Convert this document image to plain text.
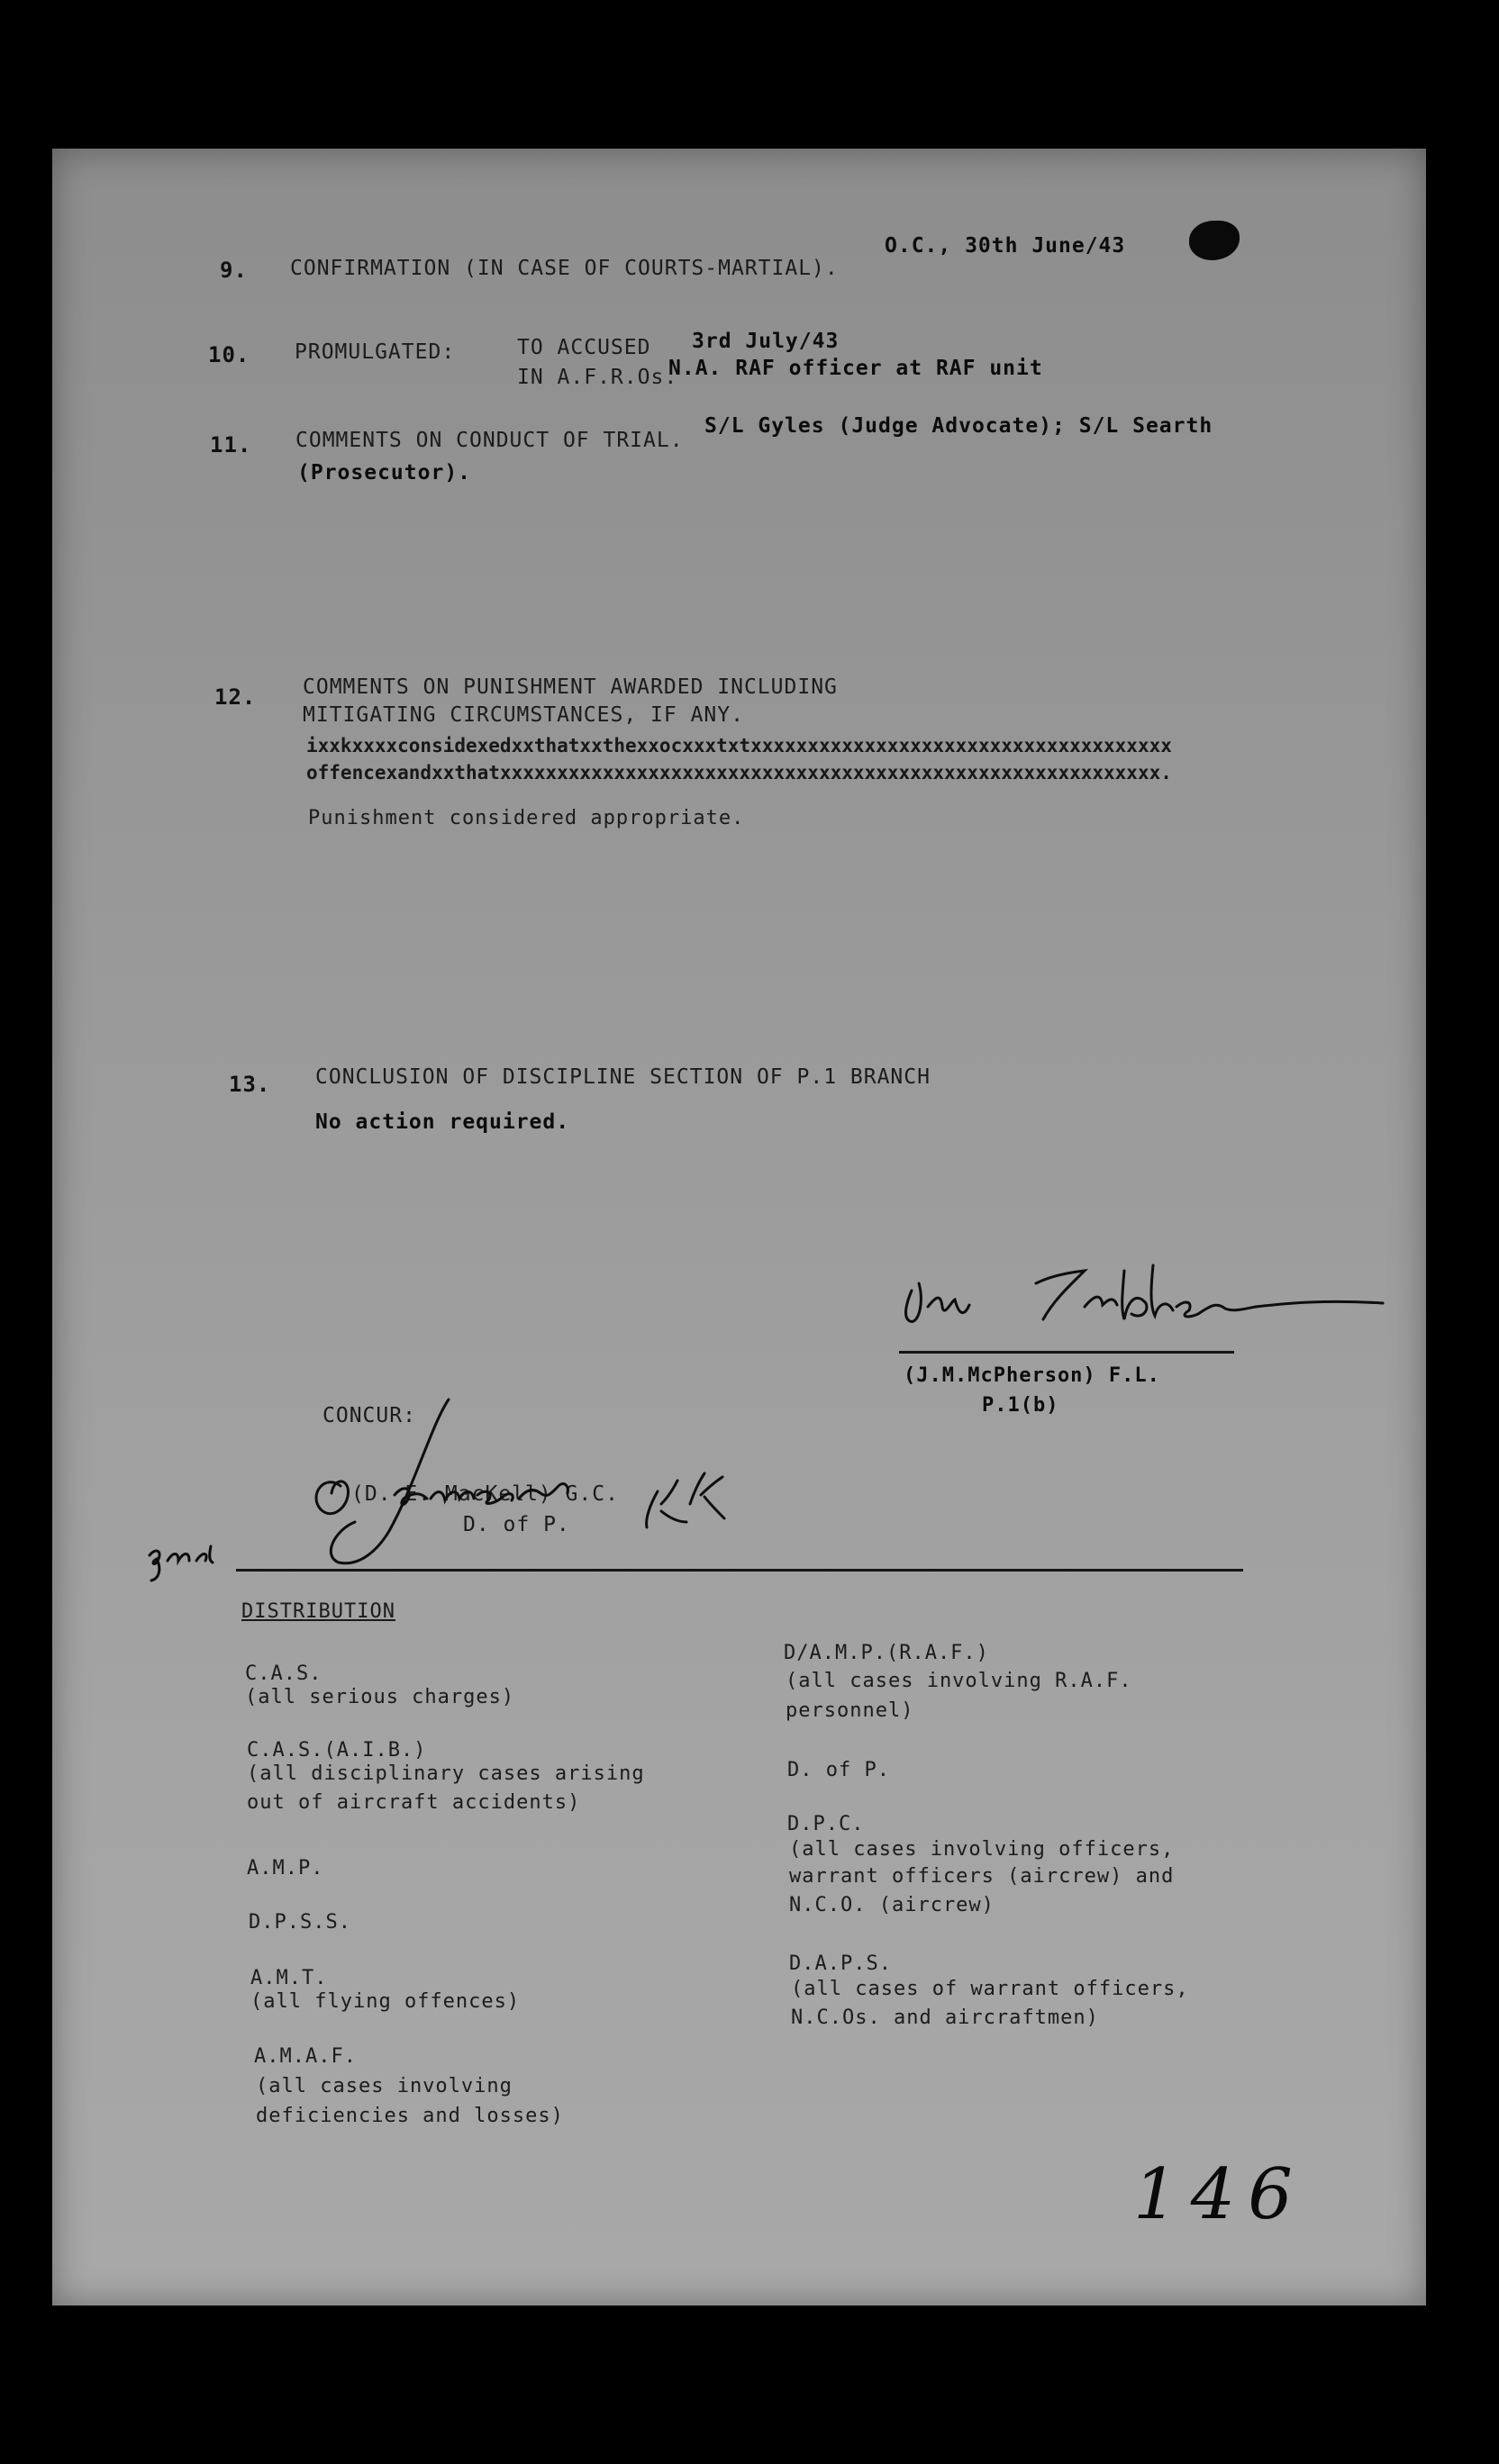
9. CONFIRMATION (IN CASE OF COURTS-MARTIAL).
O.C., 30th June/43
10. PROMULGATED:	TO ACCUSED 3rd July/43
IN A.F.R.Os.
N.A. RAF officer at RAF unit
11. COMMENTS ON CONDUCT OF TRIAL.
S/L Gyles (Judge Advocate); S/L Searth
(Prosecutor).
12. COMMENTS ON PUNISHMENT AWARDED INCLUDING
MITIGATING CIRCUMSTANCES, IF ANY.
ixxkxxxxconsidexedxxthatxxthexxocxxxtxtxxxxxxxxxxxxxxxxxxxxxxxxxxxxxxxxxxxxx
offencexandxxthatxxxxxxxxxxxxxxxxxxxxxxxxxxxxxxxxxxxxxxxxxxxxxxxxxxxxxxxxxx.
Punishment considered appropriate.
13. CONCLUSION OF DISCIPLINE SECTION OF P.1 BRANCH
No action required.
(J.M.McPherson) F.L.
P.1(b)
CONCUR:
(D. E. MacKell) G.C.
D. of P.
DISTRIBUTION
C.A.S.
(all serious charges)
C.A.S.(A.I.B.)
(all disciplinary cases arising
out of aircraft accidents)
A.M.P.
D.P.S.S.
A.M.T.
(all flying offences)
A.M.A.F.
(all cases involving
deficiencies and losses)
D/A.M.P.(R.A.F.)
(all cases involving R.A.F.
personnel)
D. of P.
D.P.C.
(all cases involving officers,
warrant officers (aircrew) and
N.C.O. (aircrew)
D.A.P.S.
(all cases of warrant officers,
N.C.Os. and aircraftmen)
146
